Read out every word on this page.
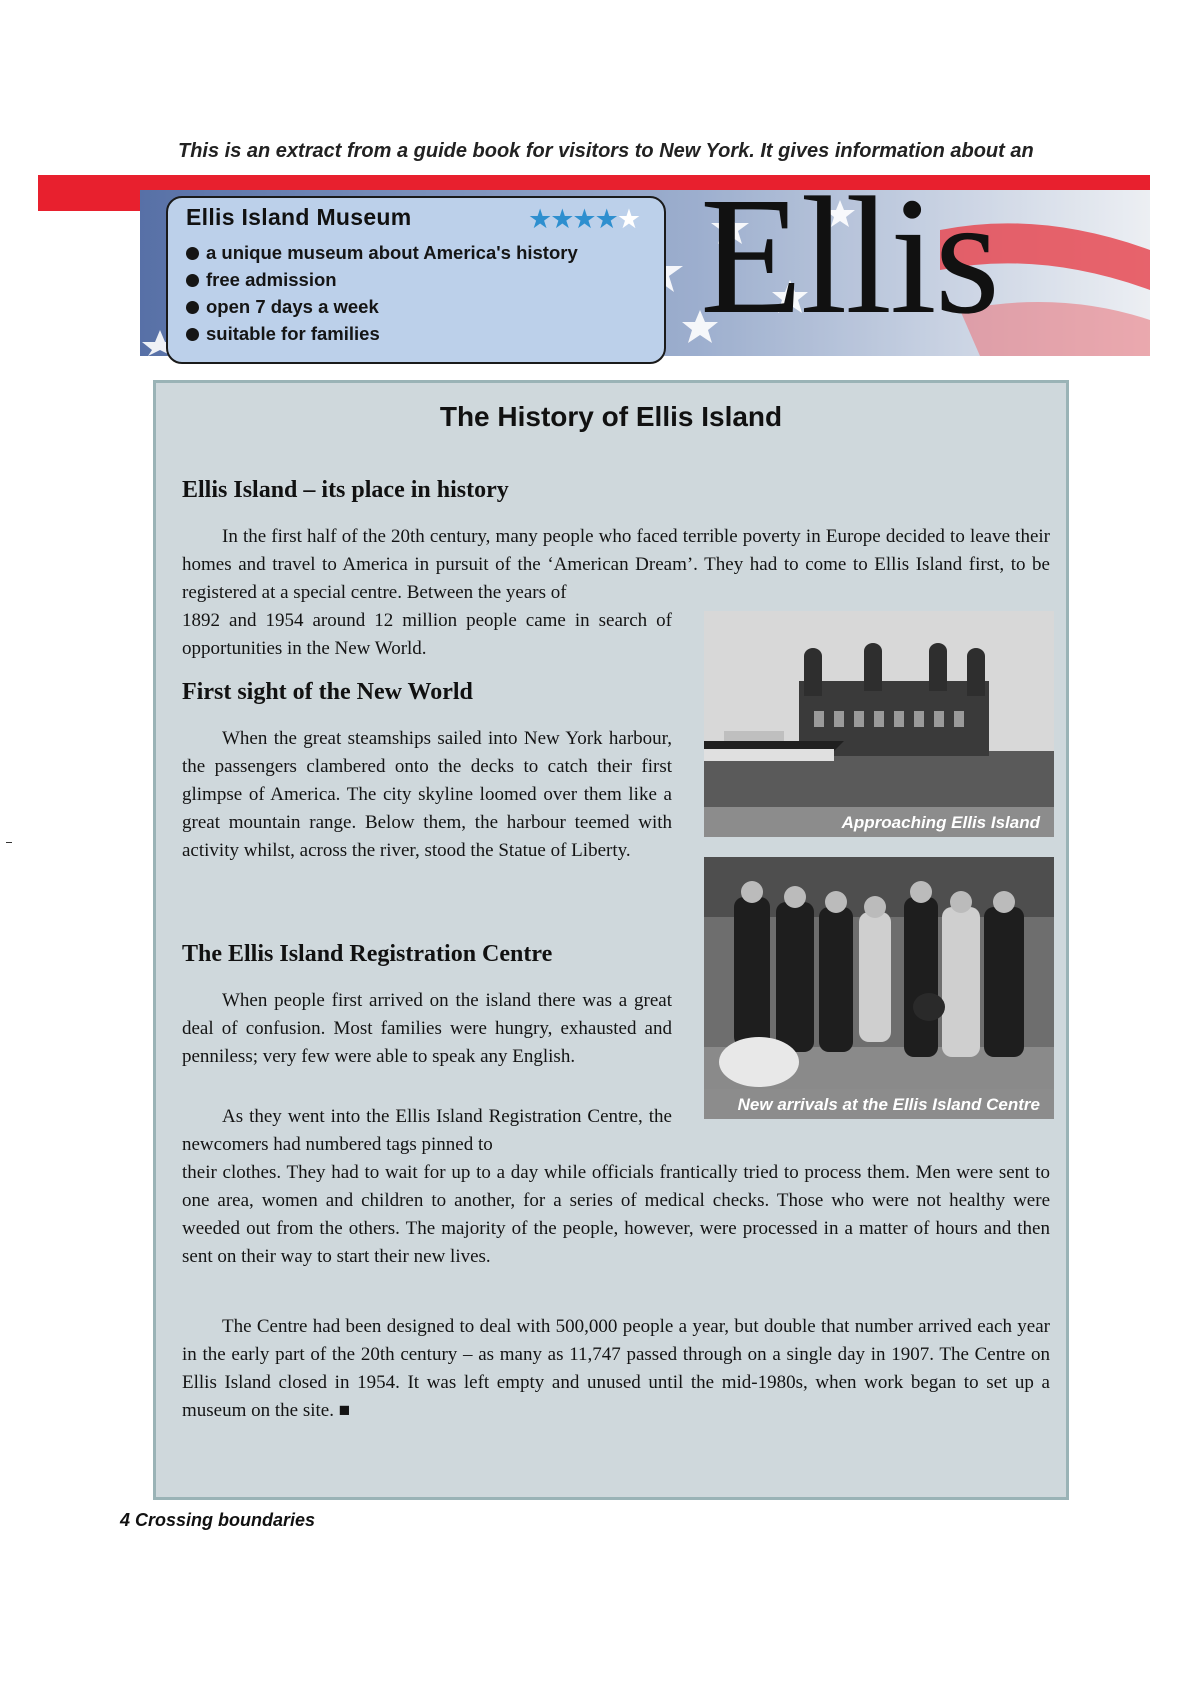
This is an extract from a guide book for visitors to New York. It gives information about an
Ellis
Ellis Island Museum	★★★★★
a unique museum about America's history
free admission
open 7 days a week
suitable for families
The History of Ellis Island
Ellis Island – its place in history

In the first half of the 20th century, many people who faced terrible poverty in Europe decided to leave their homes and travel to America in pursuit of the ‘American Dream’. They had to come to Ellis Island first, to be registered at a special centre. Between the years of

1892 and 1954 around 12 million people came in search of opportunities in the New World.

First sight of the New World

When the great steamships sailed into New York harbour, the passengers clambered onto the decks to catch their first glimpse of America. The city skyline loomed over them like a great mountain range. Below them, the harbour teemed with activity whilst, across the river, stood the Statue of Liberty.

The Ellis Island Registration Centre

When people first arrived on the island there was a great deal of confusion. Most families were hungry, exhausted and penniless; very few were able to speak any English.

As they went into the Ellis Island Registration Centre, the newcomers had numbered tags pinned to

their clothes. They had to wait for up to a day while officials frantically tried to process them. Men were sent to one area, women and children to another, for a series of medical checks. Those who were not healthy were weeded out from the others. The majority of the people, however, were processed in a matter of hours and then sent on their way to start their new lives.

The Centre had been designed to deal with 500,000 people a year, but double that number arrived each year in the early part of the 20th century – as many as 11,747 passed through on a single day in 1907. The Centre on Ellis Island closed in 1954. It was left empty and unused until the mid-1980s, when work began to set up a museum on the site. ■

Approaching Ellis Island
New arrivals at the Ellis Island Centre
4 Crossing boundaries
